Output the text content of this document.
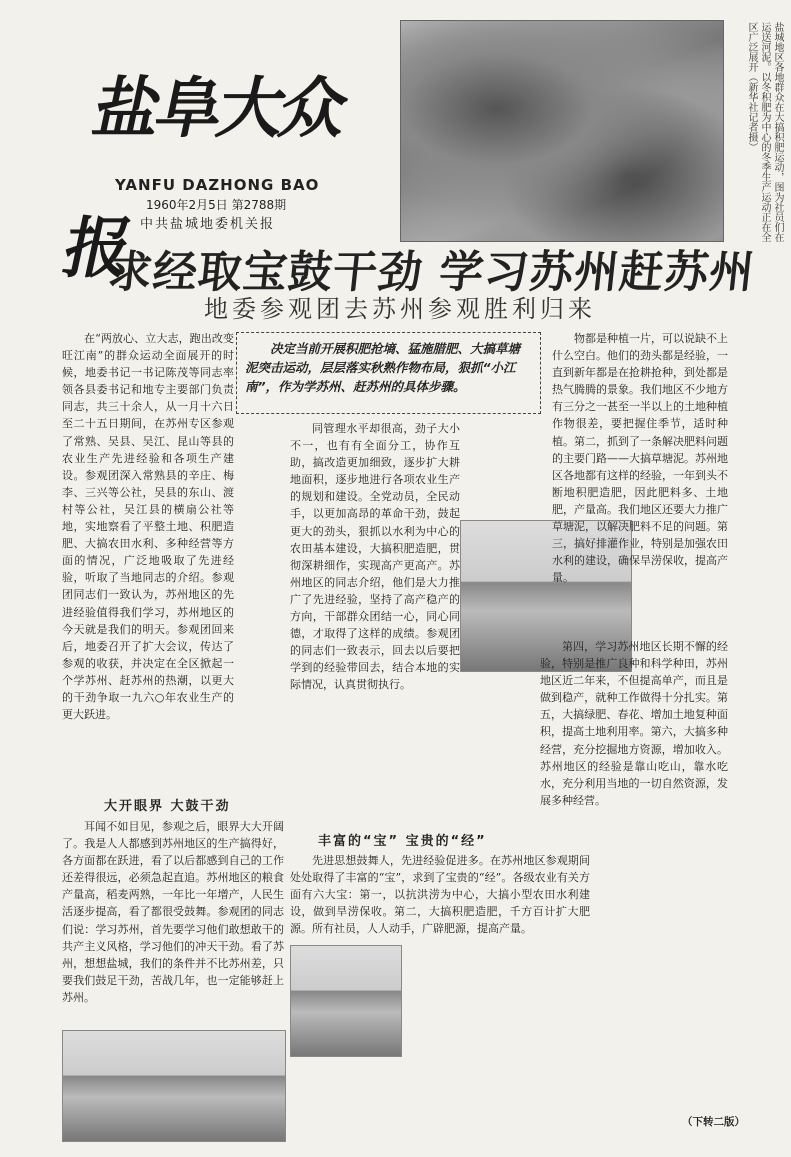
盐阜大众报
YANFU DAZHONG BAO
1960年2月5日 第2788期
中共盐城地委机关报	盐城地区各地群众在大搞积肥运动，图为社员们在运送河泥。以冬积肥为中心的冬季生产运动正在全区广泛展开（新华社记者摄）
求经取宝鼓干劲 学习苏州赶苏州
地委参观团去苏州参观胜利归来
决定当前开展积肥抢墒、猛施腊肥、大搞草塘泥突击运动，层层落实秋熟作物布局，狠抓“小江南”，作为学苏州、赶苏州的具体步骤。
在“两放心、立大志，跑出改变旺江南”的群众运动全面展开的时候，地委书记一书记陈茂等同志率领各县委书记和地专主要部门负责同志，共三十余人，从一月十六日至二十五日期间，在苏州专区参观了常熟、吴县、吴江、昆山等县的农业生产先进经验和各项生产建设。参观团深入常熟县的辛庄、梅李、三兴等公社，吴县的东山、渡村等公社，吴江县的横扇公社等地，实地察看了平整土地、积肥造肥、大搞农田水利、多种经营等方面的情况，广泛地吸取了先进经验，听取了当地同志的介绍。参观团同志们一致认为，苏州地区的先进经验值得我们学习，苏州地区的今天就是我们的明天。参观团回来后，地委召开了扩大会议，传达了参观的收获，并决定在全区掀起一个学苏州、赶苏州的热潮，以更大的干劲争取一九六○年农业生产的更大跃进。
大开眼界 大鼓干劲
耳闻不如目见，参观之后，眼界大大开阔了。我是人人都感到苏州地区的生产搞得好，各方面都在跃进，看了以后都感到自己的工作还差得很远，必须急起直追。苏州地区的粮食产量高，稻麦两熟，一年比一年增产，人民生活逐步提高，看了都很受鼓舞。参观团的同志们说：学习苏州，首先要学习他们敢想敢干的共产主义风格，学习他们的冲天干劲。看了苏州，想想盐城，我们的条件并不比苏州差，只要我们鼓足干劲，苦战几年，也一定能够赶上苏州。
同管理水平却很高，劲子大小不一，也有有全面分工，协作互助，搞改造更加细致，逐步扩大耕地面积，逐步地进行各项农业生产的规划和建设。全党动员，全民动手，以更加高昂的革命干劲，鼓起更大的劲头，狠抓以水利为中心的农田基本建设，大搞积肥造肥，贯彻深耕细作，实现高产更高产。苏州地区的同志介绍，他们是大力推广了先进经验，坚持了高产稳产的方向，干部群众团结一心，同心同德，才取得了这样的成绩。参观团的同志们一致表示，回去以后要把学到的经验带回去，结合本地的实际情况，认真贯彻执行。
丰富的“宝” 宝贵的“经”
先进思想鼓舞人，先进经验促进多。在苏州地区参观期间处处取得了丰富的“宝”，求到了宝贵的“经”。各级农业有关方面有六大宝：第一，以抗洪涝为中心，大搞小型农田水利建设，做到旱涝保收。第二，大搞积肥造肥，千方百计扩大肥源。所有社员，人人动手，广辟肥源，提高产量。
物都是种植一片，可以说缺不上什么空白。他们的劲头都是经验，一直到新年都是在抢耕抢种，到处都是热气腾腾的景象。我们地区不少地方有三分之一甚至一半以上的土地种植作物很差，要把握住季节，适时种植。第二，抓到了一条解决肥料问题的主要门路——大搞草塘泥。苏州地区各地都有这样的经验，一年到头不断地积肥造肥，因此肥料多、土地肥，产量高。我们地区还要大力推广草塘泥，以解决肥料不足的问题。第三，搞好排灌作业，特别是加强农田水利的建设，确保旱涝保收，提高产量。
第四，学习苏州地区长期不懈的经验，特别是推广良种和科学种田，苏州地区近二年来，不但提高单产，而且是做到稳产，就种工作做得十分扎实。第五，大搞绿肥、春花、增加土地复种面积，提高土地利用率。第六，大搞多种经营，充分挖掘地方资源，增加收入。苏州地区的经验是靠山吃山，靠水吃水，充分利用当地的一切自然资源，发展多种经营。
（下转二版）
